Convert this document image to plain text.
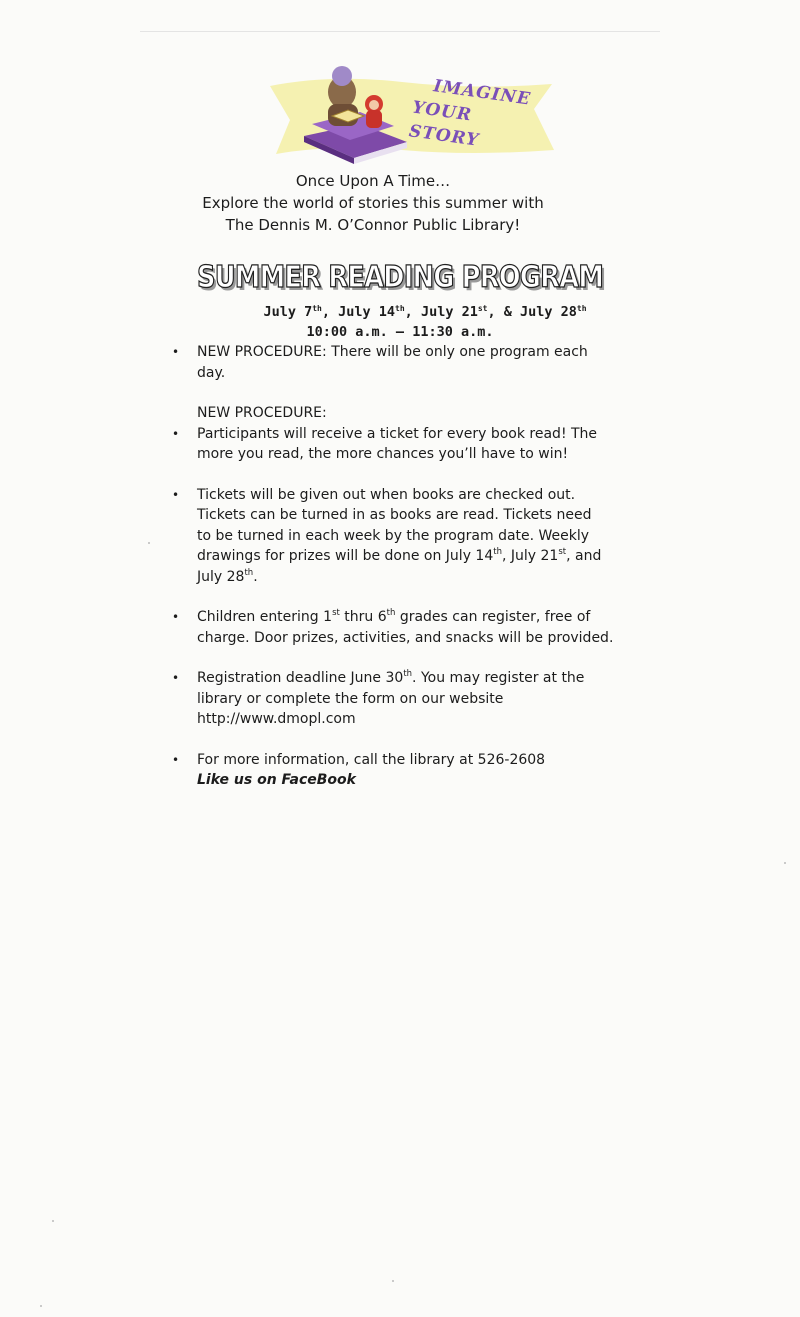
IMAGINE
YOUR STORY
Once Upon A Time…
Explore the world of stories this summer with
The Dennis M. O’Connor Public Library!
SUMMER READING PROGRAM
July 7th, July 14th, July 21st, & July 28th
10:00 a.m. – 11:30 a.m.
• NEW PROCEDURE: There will be only one program each
day.
NEW PROCEDURE:
• Participants will receive a ticket for every book read! The
more you read, the more chances you’ll have to win!
• Tickets will be given out when books are checked out.
Tickets can be turned in as books are read. Tickets need
to be turned in each week by the program date. Weekly
drawings for prizes will be done on July 14th, July 21st, and
July 28th.
• Children entering 1st thru 6th grades can register, free of
charge. Door prizes, activities, and snacks will be provided.
• Registration deadline June 30th. You may register at the
library or complete the form on our website
http://www.dmopl.com
• For more information, call the library at 526-2608
Like us on FaceBook
